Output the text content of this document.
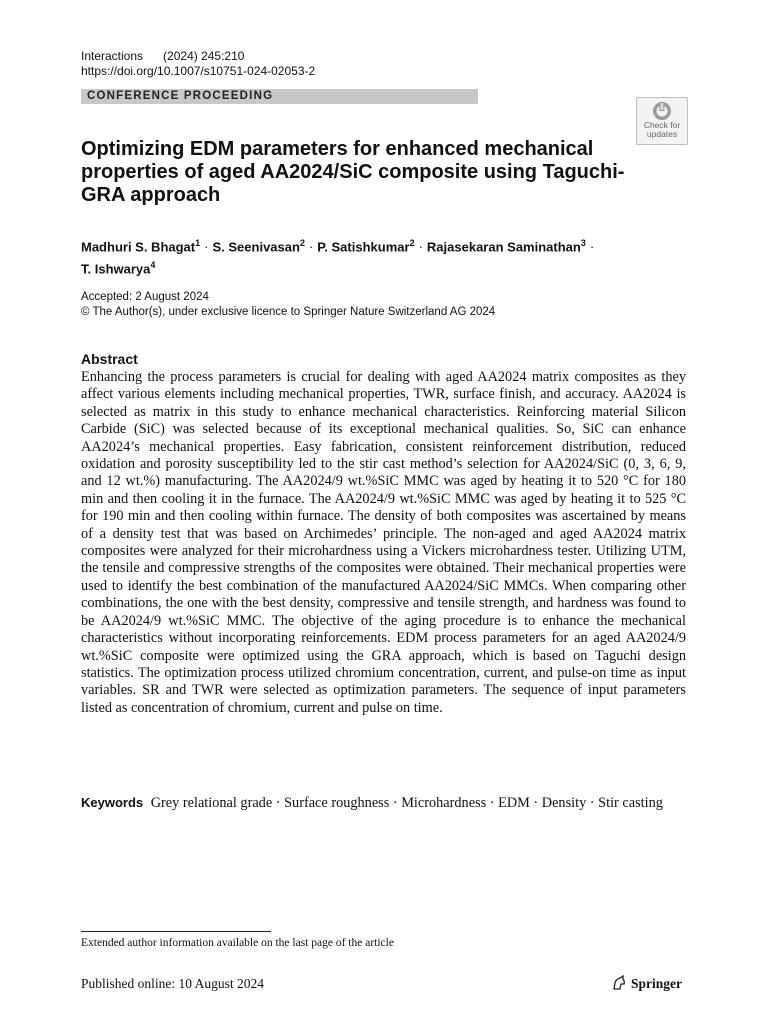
Interactions (2024) 245:210
https://doi.org/10.1007/s10751-024-02053-2
CONFERENCE PROCEEDING
Check for
updates
Optimizing EDM parameters for enhanced mechanical properties of aged AA2024/SiC composite using Taguchi-GRA approach
Madhuri S. Bhagat$^1$ · S. Seenivasan$^2$ · P. Satishkumar$^2$ · Rajasekaran Saminathan$^3$ ·
T. Ishwarya$^4$
Accepted: 2 August 2024
© The Author(s), under exclusive licence to Springer Nature Switzerland AG 2024
Abstract
Enhancing the process parameters is crucial for dealing with aged AA2024 matrix composites as they affect various elements including mechanical properties, TWR, surface finish, and accuracy. AA2024 is selected as matrix in this study to enhance mechanical characteristics. Reinforcing material Silicon Carbide (SiC) was selected because of its exceptional mechanical qualities. So, SiC can enhance AA2024’s mechanical properties. Easy fabrication, consistent reinforcement distribution, reduced oxidation and porosity susceptibility led to the stir cast method’s selection for AA2024/SiC (0, 3, 6, 9, and 12 wt.%) manufacturing. The AA2024/9 wt.%SiC MMC was aged by heating it to 520 °C for 180 min and then cooling it in the furnace. The AA2024/9 wt.%SiC MMC was aged by heating it to 525 °C for 190 min and then cooling within furnace. The density of both composites was ascertained by means of a density test that was based on Archimedes’ principle. The non-aged and aged AA2024 matrix composites were analyzed for their microhardness using a Vickers microhardness tester. Utilizing UTM, the tensile and compressive strengths of the composites were obtained. Their mechanical properties were used to identify the best combination of the manufactured AA2024/SiC MMCs. When comparing other combinations, the one with the best density, compressive and tensile strength, and hardness was found to be AA2024/9 wt.%SiC MMC. The objective of the aging procedure is to enhance the mechanical characteristics without incorporating reinforcements. EDM process parameters for an aged AA2024/9 wt.%SiC composite were optimized using the GRA approach, which is based on Taguchi design statistics. The optimization process utilized chromium concentration, current, and pulse-on time as input variables. SR and TWR were selected as optimization parameters. The sequence of input parameters listed as concentration of chromium, current and pulse on time.
Keywords Grey relational grade · Surface roughness · Microhardness · EDM · Density · Stir casting
Extended author information available on the last page of the article
Published online: 10 August 2024	Springer
